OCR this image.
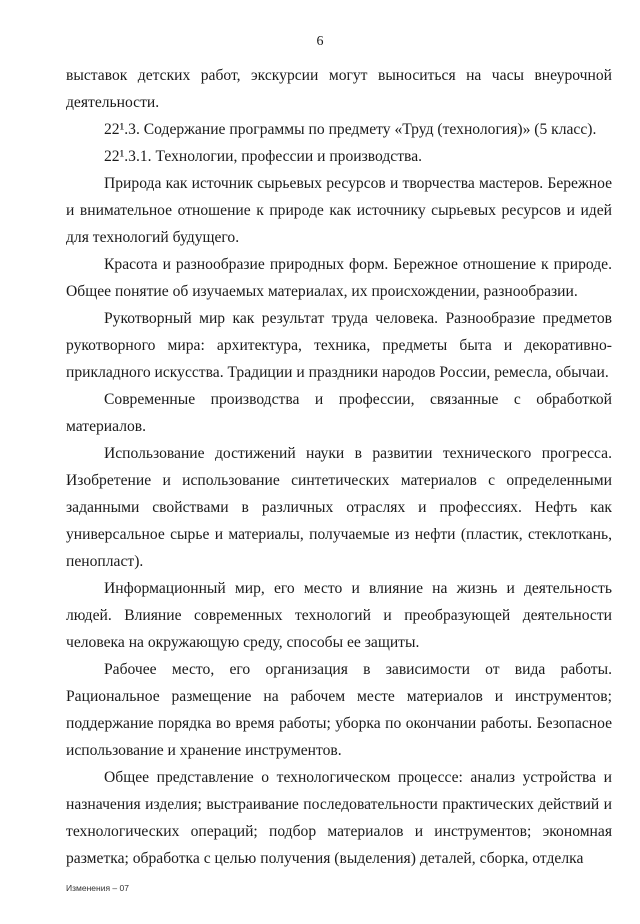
6

выставок детских работ, экскурсии могут выноситься на часы внеурочной деятельности.

22¹.3. Содержание программы по предмету «Труд (технология)» (5 класс).

22¹.3.1. Технологии, профессии и производства.

Природа как источник сырьевых ресурсов и творчества мастеров. Бережное и внимательное отношение к природе как источнику сырьевых ресурсов и идей для технологий будущего.

Красота и разнообразие природных форм. Бережное отношение к природе. Общее понятие об изучаемых материалах, их происхождении, разнообразии.

Рукотворный мир как результат труда человека. Разнообразие предметов рукотворного мира: архитектура, техника, предметы быта и декоративно-прикладного искусства. Традиции и праздники народов России, ремесла, обычаи.

Современные производства и профессии, связанные с обработкой материалов.

Использование достижений науки в развитии технического прогресса. Изобретение и использование синтетических материалов с определенными заданными свойствами в различных отраслях и профессиях. Нефть как универсальное сырье и материалы, получаемые из нефти (пластик, стеклоткань, пенопласт).

Информационный мир, его место и влияние на жизнь и деятельность людей. Влияние современных технологий и преобразующей деятельности человека на окружающую среду, способы ее защиты.

Рабочее место, его организация в зависимости от вида работы. Рациональное размещение на рабочем месте материалов и инструментов; поддержание порядка во время работы; уборка по окончании работы. Безопасное использование и хранение инструментов.

Общее представление о технологическом процессе: анализ устройства и назначения изделия; выстраивание последовательности практических действий и технологических операций; подбор материалов и инструментов; экономная разметка; обработка с целью получения (выделения) деталей, сборка, отделка

Изменения – 07
